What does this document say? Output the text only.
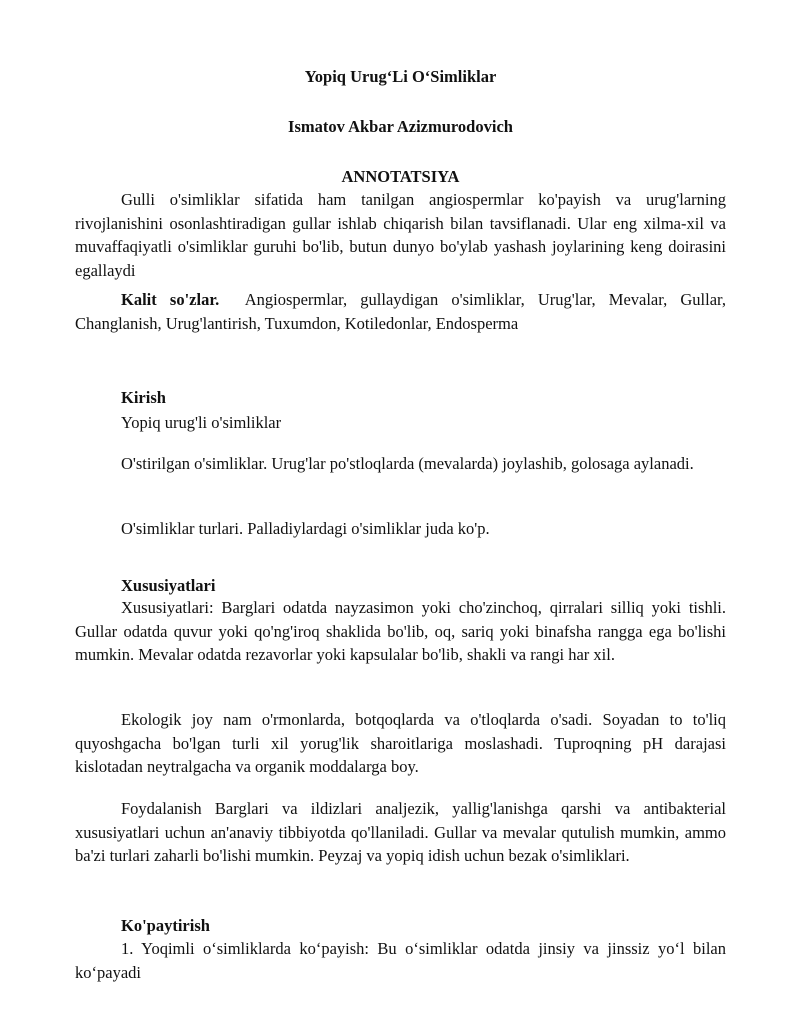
Yopiq Urug‘Li O‘Simliklar
Ismatov Akbar Azizmurodovich
ANNOTATSIYA

Gulli o'simliklar sifatida ham tanilgan angiospermlar ko'payish va urug'larning rivojlanishini osonlashtiradigan gullar ishlab chiqarish bilan tavsiflanadi. Ular eng xilma-xil va muvaffaqiyatli o'simliklar guruhi bo'lib, butun dunyo bo'ylab yashash joylarining keng doirasini egallaydi

Kalit so'zlar. Angiospermlar, gullaydigan o'simliklar, Urug'lar, Mevalar, Gullar, Changlanish, Urug'lantirish, Tuxumdon, Kotiledonlar, Endosperma

Kirish
Yopiq urug'li o'simliklar

O'stirilgan o'simliklar. Urug'lar po'stloqlarda (mevalarda) joylashib, golosaga aylanadi.

O'simliklar turlari. Palladiylardagi o'simliklar juda ko'p.

Xususiyatlari

Xususiyatlari: Barglari odatda nayzasimon yoki cho'zinchoq, qirralari silliq yoki tishli. Gullar odatda quvur yoki qo'ng'iroq shaklida bo'lib, oq, sariq yoki binafsha rangga ega bo'lishi mumkin. Mevalar odatda rezavorlar yoki kapsulalar bo'lib, shakli va rangi har xil.

Ekologik joy nam o'rmonlarda, botqoqlarda va o'tloqlarda o'sadi. Soyadan to to'liq quyoshgacha bo'lgan turli xil yorug'lik sharoitlariga moslashadi. Tuproqning pH darajasi kislotadan neytralgacha va organik moddalarga boy.

Foydalanish Barglari va ildizlari analjezik, yallig'lanishga qarshi va antibakterial xususiyatlari uchun an'anaviy tibbiyotda qo'llaniladi. Gullar va mevalar qutulish mumkin, ammo ba'zi turlari zaharli bo'lishi mumkin. Peyzaj va yopiq idish uchun bezak o'simliklari.

Ko'paytirish

1. Yoqimli o‘simliklarda ko‘payish: Bu o‘simliklar odatda jinsiy va jinssiz yo‘l bilan ko‘payadi
